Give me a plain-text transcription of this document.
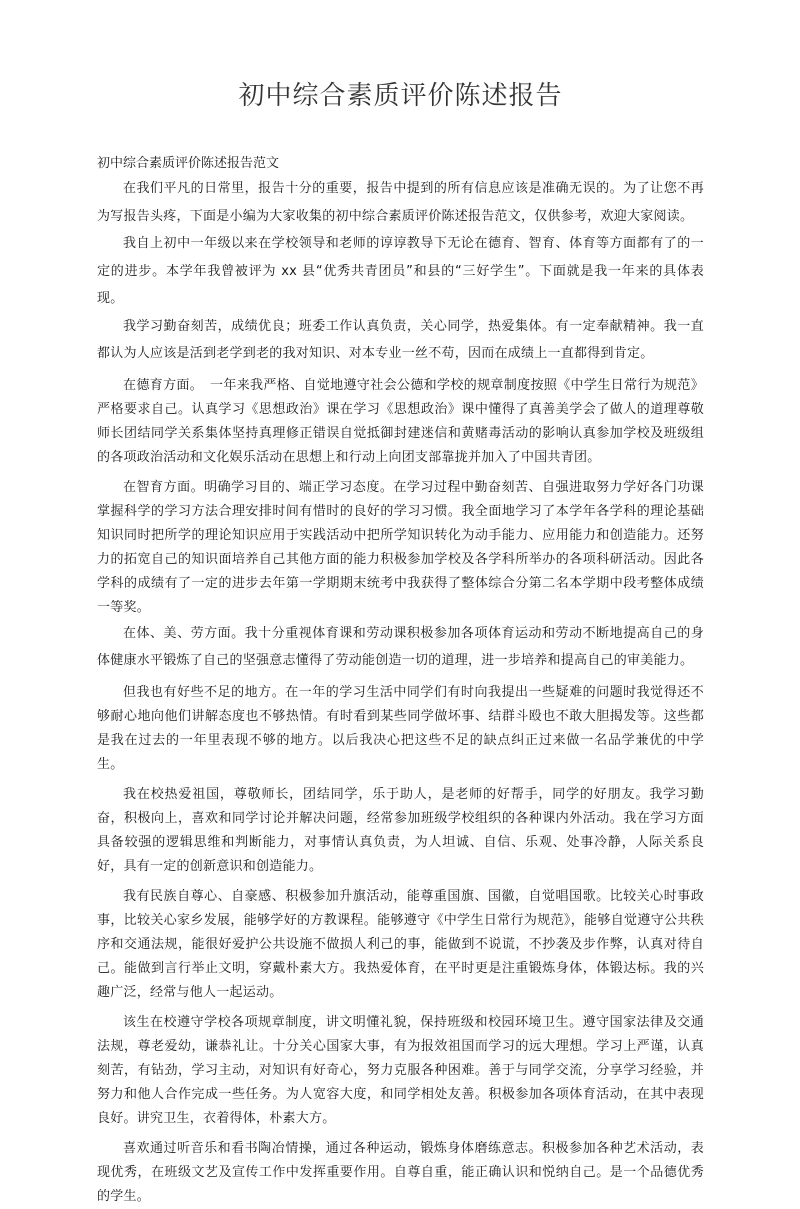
初中综合素质评价陈述报告

初中综合素质评价陈述报告范文

在我们平凡的日常里，报告十分的重要，报告中提到的所有信息应该是准确无误的。为了让您不再为写报告头疼，下面是小编为大家收集的初中综合素质评价陈述报告范文，仅供参考，欢迎大家阅读。

我自上初中一年级以来在学校领导和老师的谆谆教导下无论在德育、智育、体育等方面都有了的一定的进步。本学年我曾被评为 xx 县“优秀共青团员”和县的“三好学生”。下面就是我一年来的具体表现。

我学习勤奋刻苦，成绩优良；班委工作认真负责，关心同学，热爱集体。有一定奉献精神。我一直都认为人应该是活到老学到老的我对知识、对本专业一丝不苟，因而在成绩上一直都得到肯定。

在德育方面。　一年来我严格、自觉地遵守社会公德和学校的规章制度按照《中学生日常行为规范》严格要求自己。认真学习《思想政治》课在学习《思想政治》课中懂得了真善美学会了做人的道理尊敬师长团结同学关系集体坚持真理修正错误自觉抵御封建迷信和黄赌毒活动的影响认真参加学校及班级组的各项政治活动和文化娱乐活动在思想上和行动上向团支部靠拢并加入了中国共青团。

在智育方面。明确学习目的、端正学习态度。在学习过程中勤奋刻苦、自强进取努力学好各门功课掌握科学的学习方法合理安排时间有惜时的良好的学习习惯。我全面地学习了本学年各学科的理论基础知识同时把所学的理论知识应用于实践活动中把所学知识转化为动手能力、应用能力和创造能力。还努力的拓宽自己的知识面培养自己其他方面的能力积极参加学校及各学科所举办的各项科研活动。因此各学科的成绩有了一定的进步去年第一学期期末统考中我获得了整体综合分第二名本学期中段考整体成绩一等奖。

在体、美、劳方面。我十分重视体育课和劳动课积极参加各项体育运动和劳动不断地提高自己的身体健康水平锻炼了自己的坚强意志懂得了劳动能创造一切的道理，进一步培养和提高自己的审美能力。

但我也有好些不足的地方。在一年的学习生活中同学们有时向我提出一些疑难的问题时我觉得还不够耐心地向他们讲解态度也不够热情。有时看到某些同学做坏事、结群斗殴也不敢大胆揭发等。这些都是我在过去的一年里表现不够的地方。以后我决心把这些不足的缺点纠正过来做一名品学兼优的中学生。

我在校热爱祖国，尊敬师长，团结同学，乐于助人，是老师的好帮手，同学的好朋友。我学习勤奋，积极向上，喜欢和同学讨论并解决问题，经常参加班级学校组织的各种课内外活动。我在学习方面具备较强的逻辑思维和判断能力，对事情认真负责，为人坦诚、自信、乐观、处事冷静，人际关系良好，具有一定的创新意识和创造能力。

我有民族自尊心、自豪感、积极参加升旗活动，能尊重国旗、国徽，自觉唱国歌。比较关心时事政事，比较关心家乡发展，能够学好的方教课程。能够遵守《中学生日常行为规范》，能够自觉遵守公共秩序和交通法规，能很好爱护公共设施不做损人利己的事，能做到不说谎，不抄袭及步作弊，认真对待自己。能做到言行举止文明，穿戴朴素大方。我热爱体育，在平时更是注重锻炼身体，体锻达标。我的兴趣广泛，经常与他人一起运动。

该生在校遵守学校各项规章制度，讲文明懂礼貌，保持班级和校园环境卫生。遵守国家法律及交通法规，尊老爱幼，谦恭礼让。十分关心国家大事，有为报效祖国而学习的远大理想。学习上严谨，认真刻苦，有钻劲，学习主动，对知识有好奇心，努力克服各种困难。善于与同学交流，分享学习经验，并努力和他人合作完成一些任务。为人宽容大度，和同学相处友善。积极参加各项体育活动，在其中表现良好。讲究卫生，衣着得体，朴素大方。

喜欢通过听音乐和看书陶冶情操，通过各种运动，锻炼身体磨练意志。积极参加各种艺术活动，表现优秀，在班级文艺及宣传工作中发挥重要作用。自尊自重，能正确认识和悦纳自己。是一个品德优秀的学生。
